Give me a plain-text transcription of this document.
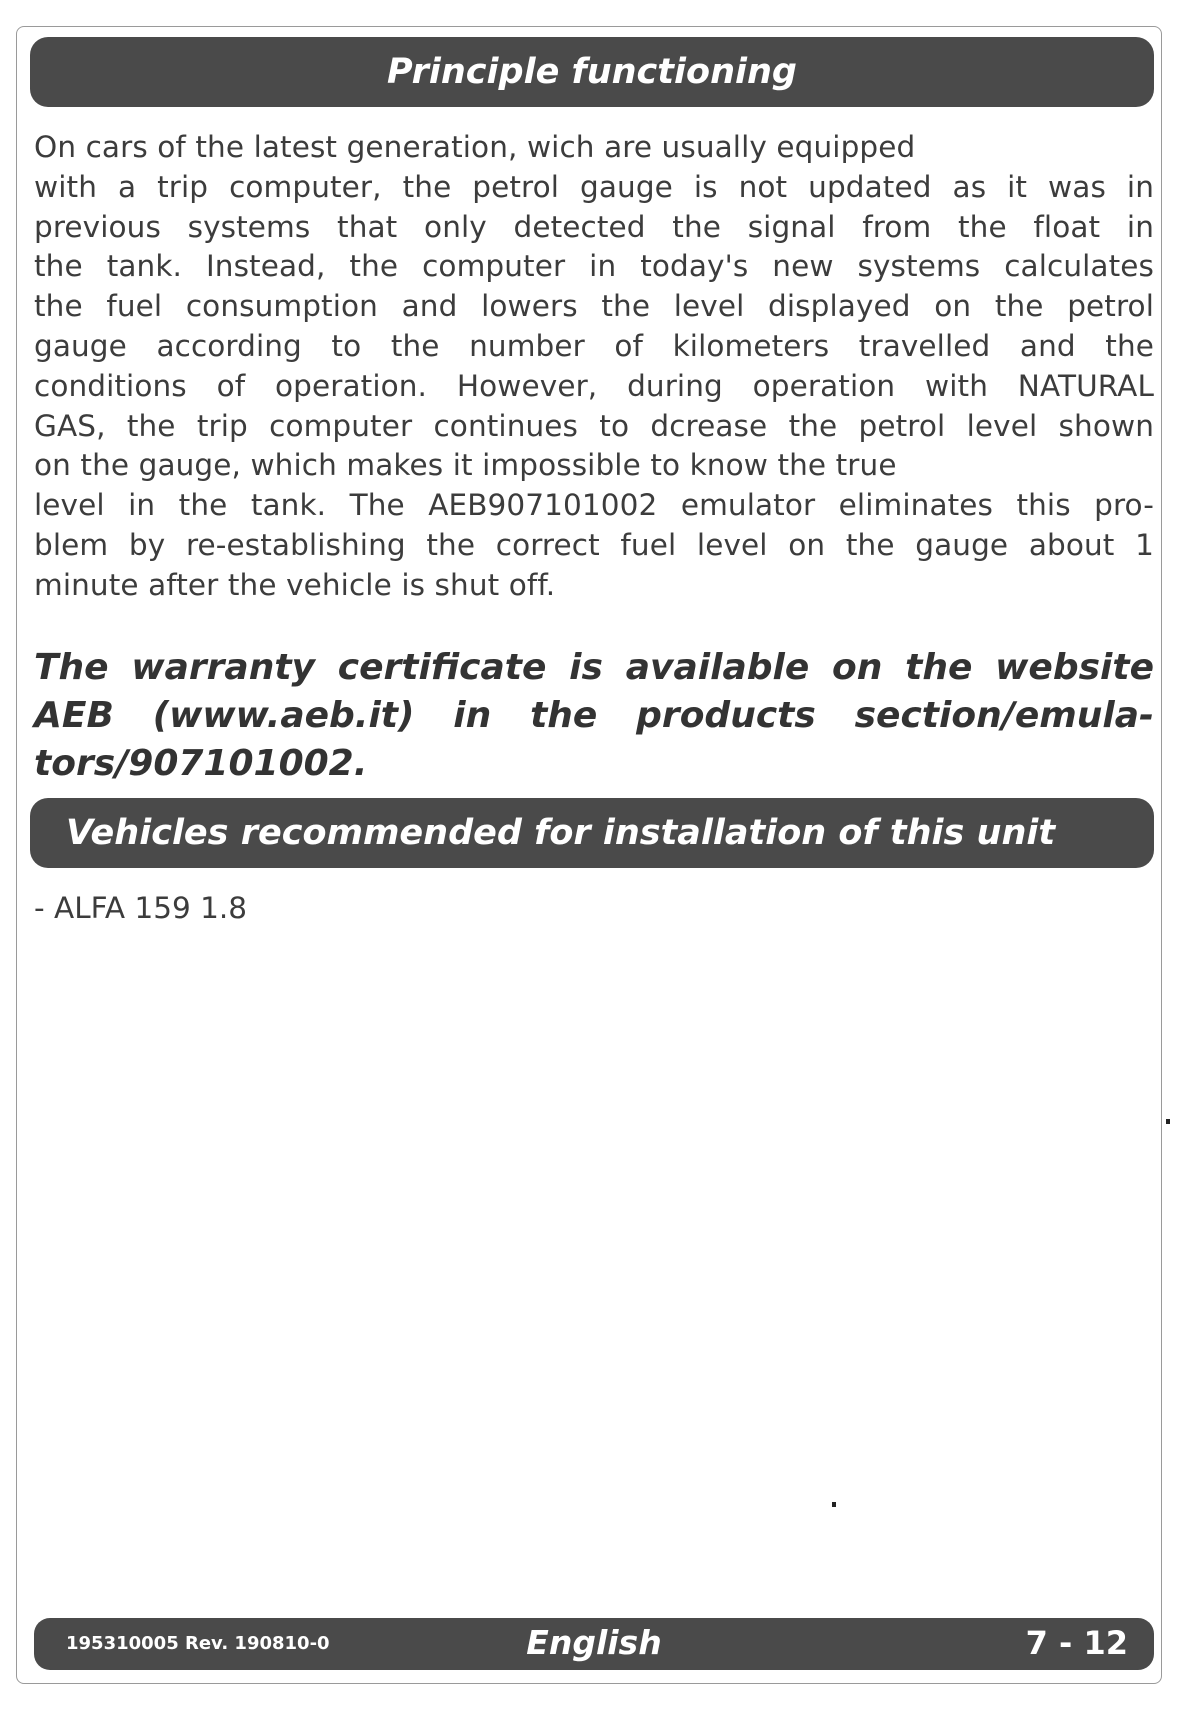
Principle functioning
On cars of the latest generation, wich are usually equipped
with a trip computer, the petrol gauge is not updated as it was in
previous systems that only detected the signal from the float in
the tank. Instead, the computer in today's new systems calculates
the fuel consumption and lowers the level displayed on the petrol
gauge according to the number of kilometers travelled and the
conditions of operation. However, during operation with NATURAL
GAS, the trip computer continues to dcrease the petrol level shown
on the gauge, which makes it impossible to know the true
level in the tank. The AEB907101002 emulator eliminates this pro-
blem by re-establishing the correct fuel level on the gauge about 1
minute after the vehicle is shut off.
The warranty certificate is available on the website
AEB (www.aeb.it) in the products section/emula-
tors/907101002.
Vehicles recommended for installation of this unit
- ALFA 159 1.8
195310005 Rev. 190810-0	English	7 - 12
